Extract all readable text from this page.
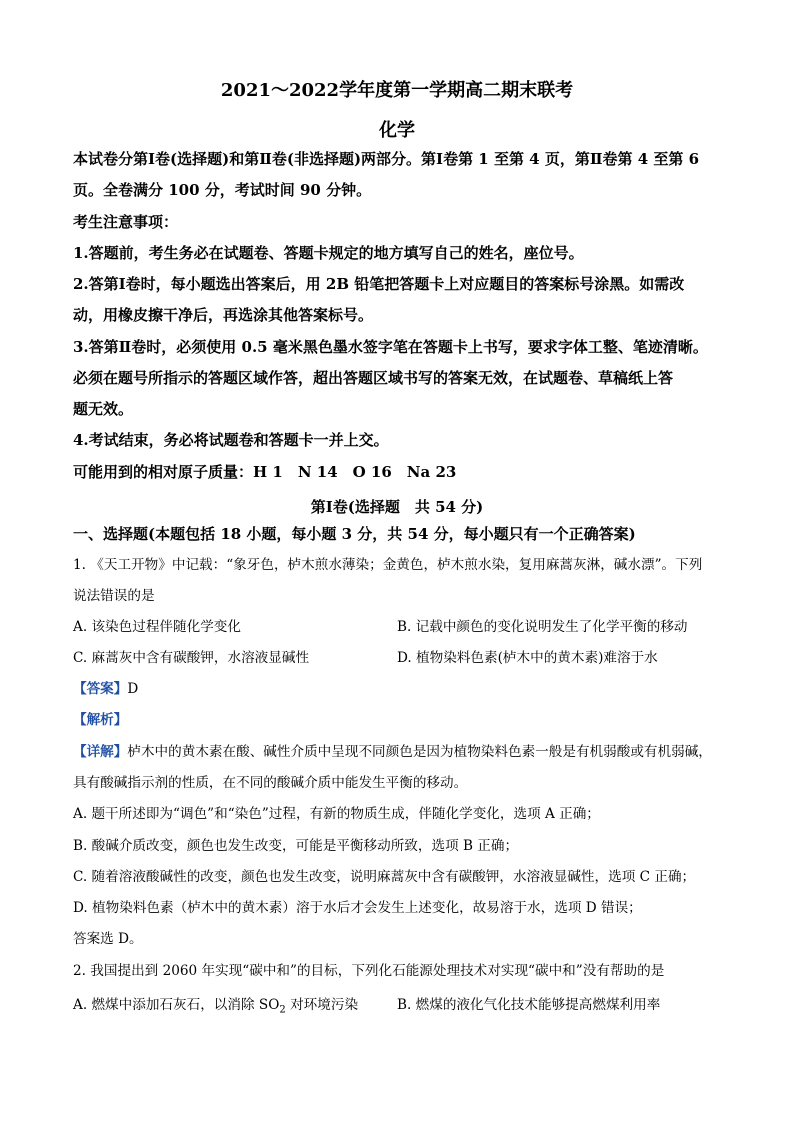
2021～2022学年度第一学期高二期末联考
化学
本试卷分第Ⅰ卷(选择题)和第Ⅱ卷(非选择题)两部分。第Ⅰ卷第 1 至第 4 页，第Ⅱ卷第 4 至第 6
页。全卷满分 100 分，考试时间 90 分钟。
考生注意事项：
1.答题前，考生务必在试题卷、答题卡规定的地方填写自己的姓名，座位号。
2.答第Ⅰ卷时，每小题选出答案后，用 2B 铅笔把答题卡上对应题目的答案标号涂黑。如需改
动，用橡皮擦干净后，再选涂其他答案标号。
3.答第Ⅱ卷时，必须使用 0.5 毫米黑色墨水签字笔在答题卡上书写，要求字体工整、笔迹清晰。
必须在题号所指示的答题区域作答，超出答题区域书写的答案无效，在试题卷、草稿纸上答
题无效。
4.考试结束，务必将试题卷和答题卡一并上交。
可能用到的相对原子质量：H 1　N 14　O 16　Na 23
第Ⅰ卷(选择题　共 54 分)
一、选择题(本题包括 18 小题，每小题 3 分，共 54 分，每小题只有一个正确答案)
1. 《天工开物》中记载：“象牙色，栌木煎水薄染；金黄色，栌木煎水染，复用麻蒿灰淋，碱水漂”。下列
说法错误的是
A. 该染色过程伴随化学变化	B. 记载中颜色的变化说明发生了化学平衡的移动
C. 麻蒿灰中含有碳酸钾，水溶液显碱性	D. 植物染料色素(栌木中的黄木素)难溶于水
【答案】D
【解析】
【详解】栌木中的黄木素在酸、碱性介质中呈现不同颜色是因为植物染料色素一般是有机弱酸或有机弱碱，
具有酸碱指示剂的性质，在不同的酸碱介质中能发生平衡的移动。
A. 题干所述即为“调色”和“染色”过程，有新的物质生成，伴随化学变化，选项 A 正确；
B. 酸碱介质改变，颜色也发生改变，可能是平衡移动所致，选项 B 正确；
C. 随着溶液酸碱性的改变，颜色也发生改变，说明麻蒿灰中含有碳酸钾，水溶液显碱性，选项 C 正确；
D. 植物染料色素（栌木中的黄木素）溶于水后才会发生上述变化，故易溶于水，选项 D 错误；
答案选 D。
2. 我国提出到 2060 年实现“碳中和”的目标，下列化石能源处理技术对实现“碳中和”没有帮助的是
A. 燃煤中添加石灰石，以消除 $SO_2$ 对环境污染	B. 燃煤的液化气化技术能够提高燃煤利用率
